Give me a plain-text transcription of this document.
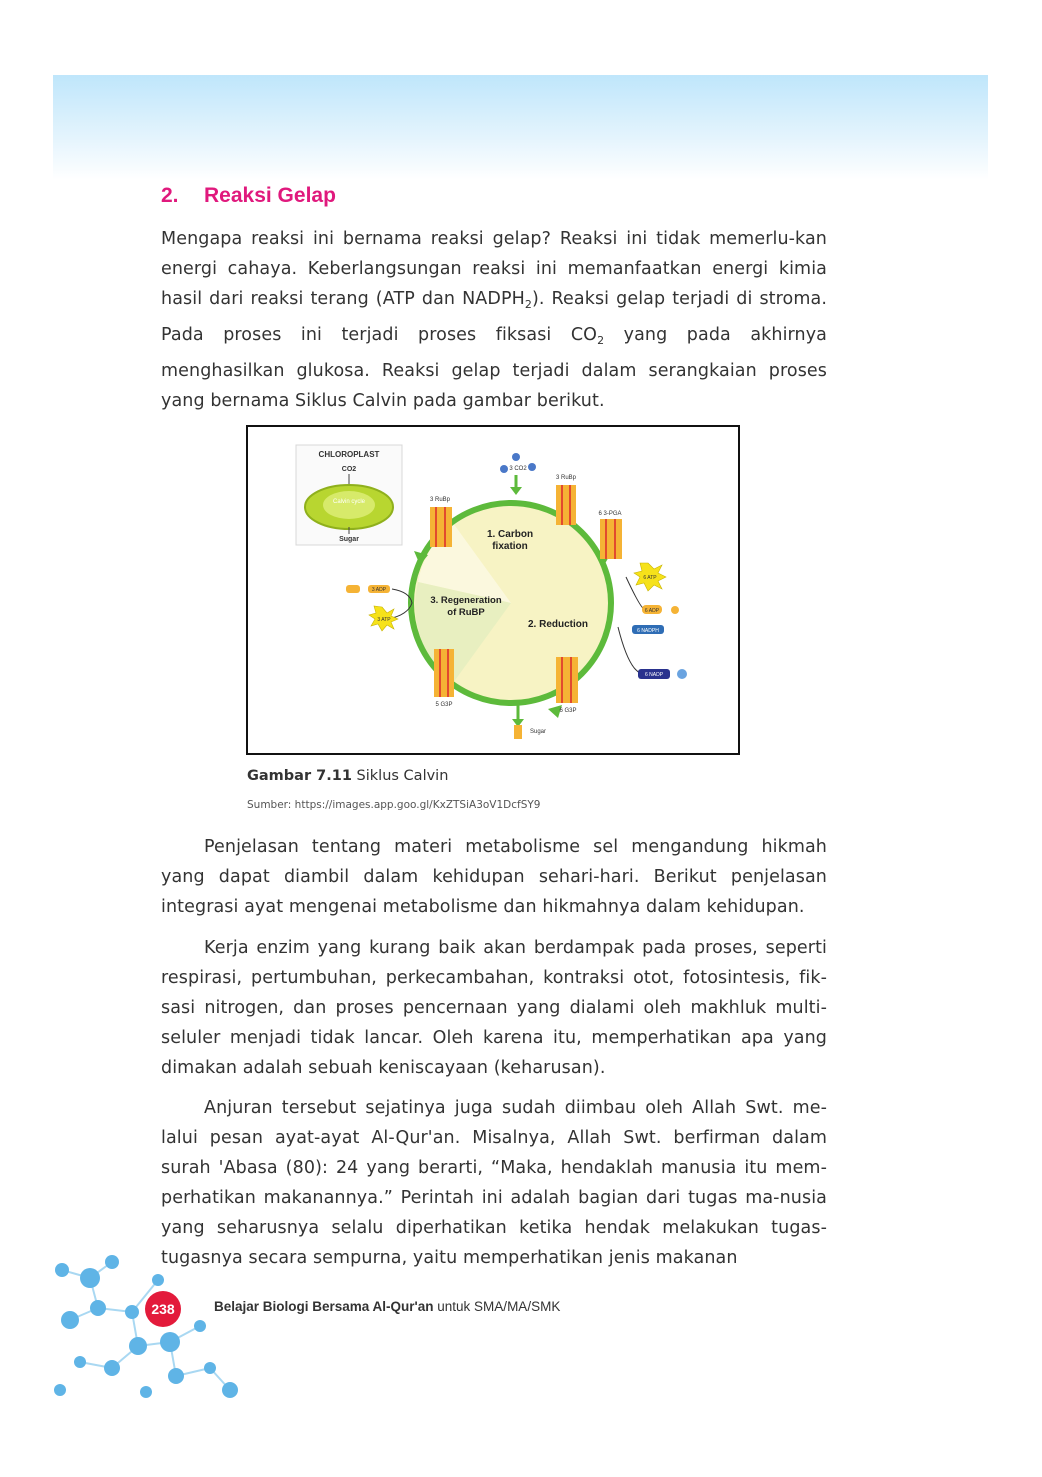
2. Reaksi Gelap

Mengapa reaksi ini bernama reaksi gelap? Reaksi ini tidak memerlu-kan energi cahaya. Keberlangsungan reaksi ini memanfaatkan energi kimia hasil dari reaksi terang (ATP dan $NADPH_2$). Reaksi gelap terjadi di stroma. Pada proses ini terjadi proses fiksasi $CO_2$ yang pada akhirnya menghasilkan glukosa. Reaksi gelap terjadi dalam serangkaian proses yang bernama Siklus Calvin pada gambar berikut.

CHLOROPLAST
CO2
Calvin cycle
Sugar	1. Carbon
fixation
2. Reduction
3. Regeneration
of RuBP
3 CO2
3 RuBp
3 RuBp
6 3-PGA
6 G3P
5 G3P
Sugar
6 ATP
6 ADP
6 NADPH
6 NADP
3 ADP
3 ATP

Gambar 7.11 Siklus Calvin

Sumber: https://images.app.goo.gl/KxZTSiA3oV1DcfSY9

Penjelasan tentang materi metabolisme sel mengandung hikmah yang dapat diambil dalam kehidupan sehari-hari. Berikut penjelasan integrasi ayat mengenai metabolisme dan hikmahnya dalam kehidupan.

Kerja enzim yang kurang baik akan berdampak pada proses, seperti respirasi, pertumbuhan, perkecambahan, kontraksi otot, fotosintesis, fik-sasi nitrogen, dan proses pencernaan yang dialami oleh makhluk multi-seluler menjadi tidak lancar. Oleh karena itu, memperhatikan apa yang dimakan adalah sebuah keniscayaan (keharusan).

Anjuran tersebut sejatinya juga sudah diimbau oleh Allah Swt. me-lalui pesan ayat-ayat Al-Qur'an. Misalnya, Allah Swt. berfirman dalam surah 'Abasa (80): 24 yang berarti, “Maka, hendaklah manusia itu mem-perhatikan makanannya.” Perintah ini adalah bagian dari tugas ma-nusia yang seharusnya selalu diperhatikan ketika hendak melakukan tugas-tugasnya secara sempurna, yaitu memperhatikan jenis makanan

238	Belajar Biologi Bersama Al-Qur'an untuk SMA/MA/SMK
